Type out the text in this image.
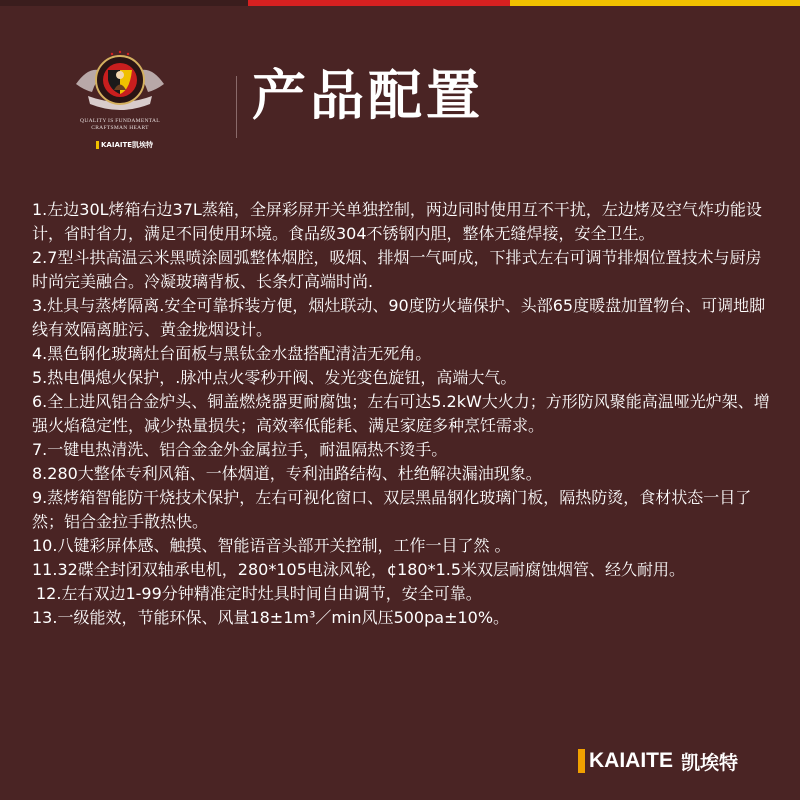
QUALITY IS FUNDAMENTAL
CRAFTSMAN HEART
KAIAITE凯埃特
产品配置

1.左边30L烤箱右边37L蒸箱，全屏彩屏开关单独控制，两边同时使用互不干扰，左边烤及空气炸功能设计，省时省力，满足不同使用环境。食品级304不锈钢内胆，整体无缝焊接，安全卫生。

2.7型斗拱高温云米黑喷涂圆弧整体烟腔，吸烟、排烟一气呵成，下排式左右可调节排烟位置技术与厨房时尚完美融合。冷凝玻璃背板、长条灯高端时尚.

3.灶具与蒸烤隔离.安全可靠拆装方便，烟灶联动、90度防火墙保护、头部65度暖盘加置物台、可调地脚线有效隔离脏污、黄金拢烟设计。

4.黑色钢化玻璃灶台面板与黑钛金水盘搭配清洁无死角。

5.热电偶熄火保护，.脉冲点火零秒开阀、发光变色旋钮，高端大气。

6.全上进风铝合金炉头、铜盖燃烧器更耐腐蚀；左右可达5.2kW大火力；方形防风聚能高温哑光炉架、增强火焰稳定性，减少热量损失；高效率低能耗、满足家庭多种烹饪需求。

7.一键电热清洗、铝合金金外金属拉手，耐温隔热不烫手。

8.280大整体专利风箱、一体烟道，专利油路结构、杜绝解决漏油现象。

9.蒸烤箱智能防干烧技术保护，左右可视化窗口、双层黑晶钢化玻璃门板，隔热防烫，食材状态一目了然；铝合金拉手散热快。

10.八键彩屏体感、触摸、智能语音头部开关控制，工作一目了然 。

11.32碟全封闭双轴承电机，280*105电泳风轮，¢180*1.5米双层耐腐蚀烟管、经久耐用。

12.左右双边1-99分钟精准定时灶具时间自由调节，安全可靠。

13.一级能效，节能环保、风量18±1m³／min风压500pa±10%。

KAIAITE 凯埃特
